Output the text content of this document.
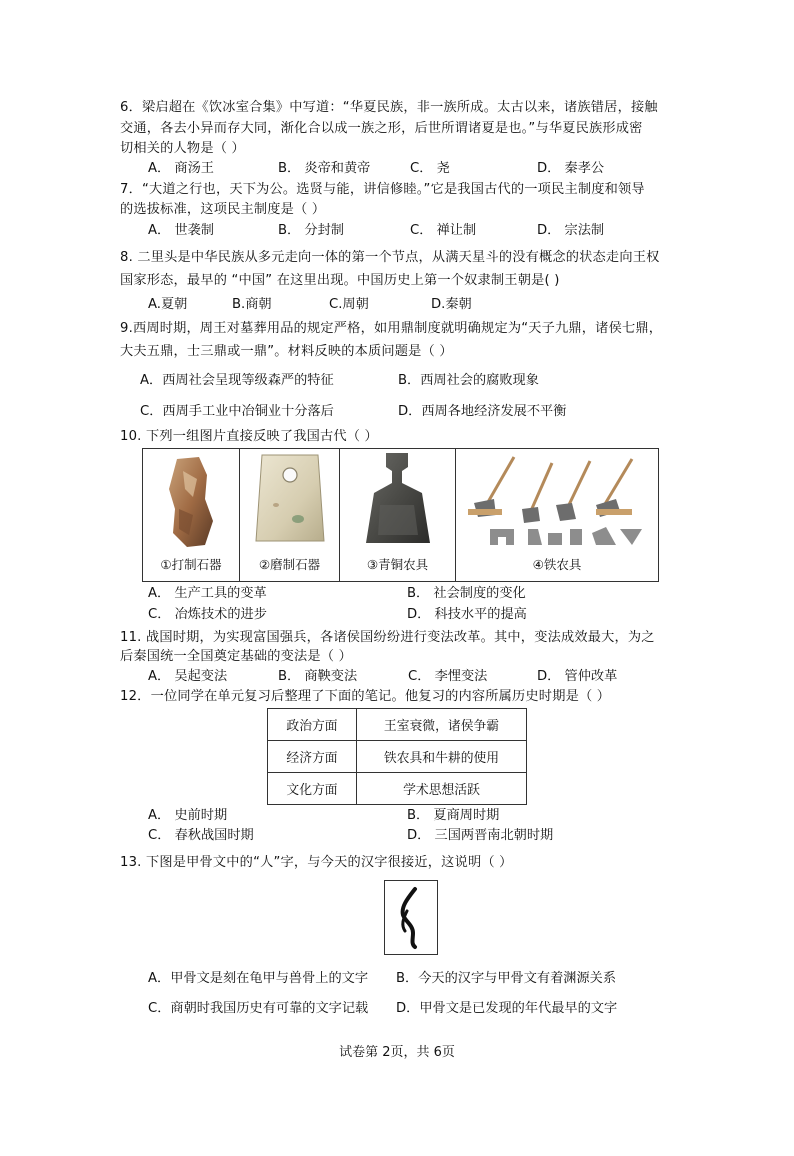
6．梁启超在《饮冰室合集》中写道：“华夏民族，非一族所成。太古以来，诸族错居，接触
交通，各去小异而存大同，渐化合以成一族之形，后世所谓诸夏是也。”与华夏民族形成密
切相关的人物是（ ）
A． 商汤王	B． 炎帝和黄帝	C． 尧	D． 秦孝公
7．“大道之行也，天下为公。选贤与能，讲信修睦。”它是我国古代的一项民主制度和领导
的选拔标准，这项民主制度是（ ）
A． 世袭制	B． 分封制	C． 禅让制	D． 宗法制
8. 二里头是中华民族从多元走向一体的第一个节点，从满天星斗的没有概念的状态走向王权
国家形态，最早的 “中国” 在这里出现。中国历史上第一个奴隶制王朝是( )
A.夏朝	B.商朝	C.周朝	D.秦朝
9.西周时期，周王对墓葬用品的规定严格，如用鼎制度就明确规定为“天子九鼎，诸侯七鼎，
大夫五鼎，士三鼎或一鼎”。材料反映的本质问题是（ ）
A．西周社会呈现等级森严的特征	B．西周社会的腐败现象
C．西周手工业中冶铜业十分落后	D．西周各地经济发展不平衡
10. 下列一组图片直接反映了我国古代（ ）
①打制石器	②磨制石器	③青铜农具	④铁农具
A． 生产工具的变革	B． 社会制度的变化
C． 冶炼技术的进步	D． 科技水平的提高
11. 战国时期，为实现富国强兵，各诸侯国纷纷进行变法改革。其中，变法成效最大，为之
后秦国统一全国奠定基础的变法是（ ）
A． 吴起变法	B． 商鞅变法	C． 李悝变法	D． 管仲改革
12．一位同学在单元复习后整理了下面的笔记。他复习的内容所属历史时期是（ ）
政治方面	王室衰微，诸侯争霸
经济方面	铁农具和牛耕的使用
文化方面	学术思想活跃
A． 史前时期	B． 夏商周时期
C． 春秋战国时期	D． 三国两晋南北朝时期
13. 下图是甲骨文中的“人”字，与今天的汉字很接近，这说明（ ）
A．甲骨文是刻在龟甲与兽骨上的文字 B．今天的汉字与甲骨文有着渊源关系
C．商朝时我国历史有可靠的文字记载 D．甲骨文是已发现的年代最早的文字
试卷第 2页，共 6页
